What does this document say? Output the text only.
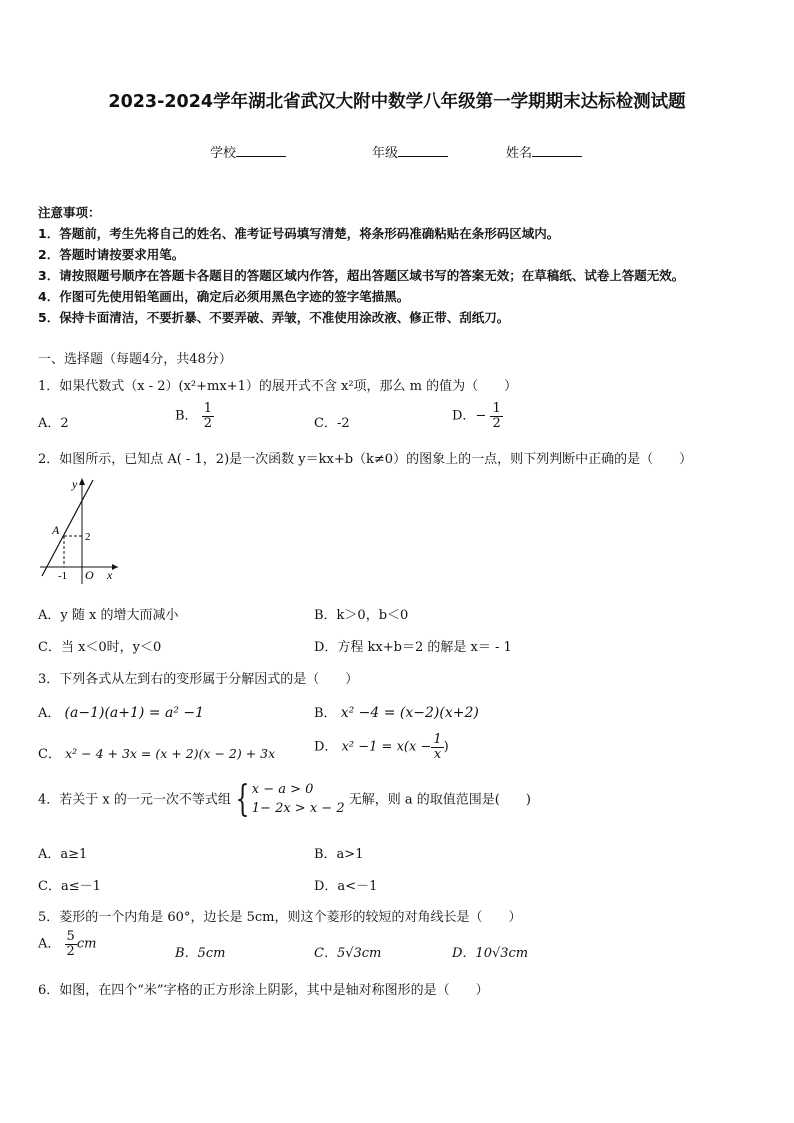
2023-2024学年湖北省武汉大附中数学八年级第一学期期末达标检测试题
学校	年级	姓名
注意事项：
1．答题前，考生先将自己的姓名、准考证号码填写清楚，将条形码准确粘贴在条形码区域内。
2．答题时请按要求用笔。
3．请按照题号顺序在答题卡各题目的答题区域内作答，超出答题区域书写的答案无效；在草稿纸、试卷上答题无效。
4．作图可先使用铅笔画出，确定后必须用黑色字迹的签字笔描黑。
5．保持卡面清洁，不要折暴、不要弄破、弄皱，不准使用涂改液、修正带、刮纸刀。
一、选择题（每题4分，共48分）
1．如果代数式（x - 2）(x²+mx+1）的展开式不含 x²项，那么 m 的值为（　　）
A．2	B． $\frac{1}{2}$	C．-2	D．− $\frac{1}{2}$
2．如图所示，已知点 A( - 1，2)是一次函数 y＝kx+b（k≠0）的图象上的一点，则下列判断中正确的是（　　）
y
x
A 2
-1 O
A．y 随 x 的增大而减小	B．k＞0，b＜0
C．当 x＜0时，y＜0	D．方程 kx+b＝2 的解是 x＝ - 1
3．下列各式从左到右的变形属于分解因式的是（　　）
A． (a−1)(a+1) = a² −1	B． x² −4 = (x−2)(x+2)
C． x² − 4 + 3x = (x + 2)(x − 2) + 3x	D． $x^2 -1 = x(x - \frac{1}{x}$ )
4．若关于 x 的一元一次不等式组 { x − a > 0
1− 2x > x − 2
无解，则 a 的取值范围是(　　)
A．a≥1	B．a>1
C．a≤－1	D．a<－1
5．菱形的一个内角是 60°，边长是 5cm，则这个菱形的较短的对角线长是（　　）
A． $\frac{5}{2}$ cm
B．5cm	C．5√3cm	D．10√3cm
6．如图，在四个“米”字格的正方形涂上阴影，其中是轴对称图形的是（　　）
